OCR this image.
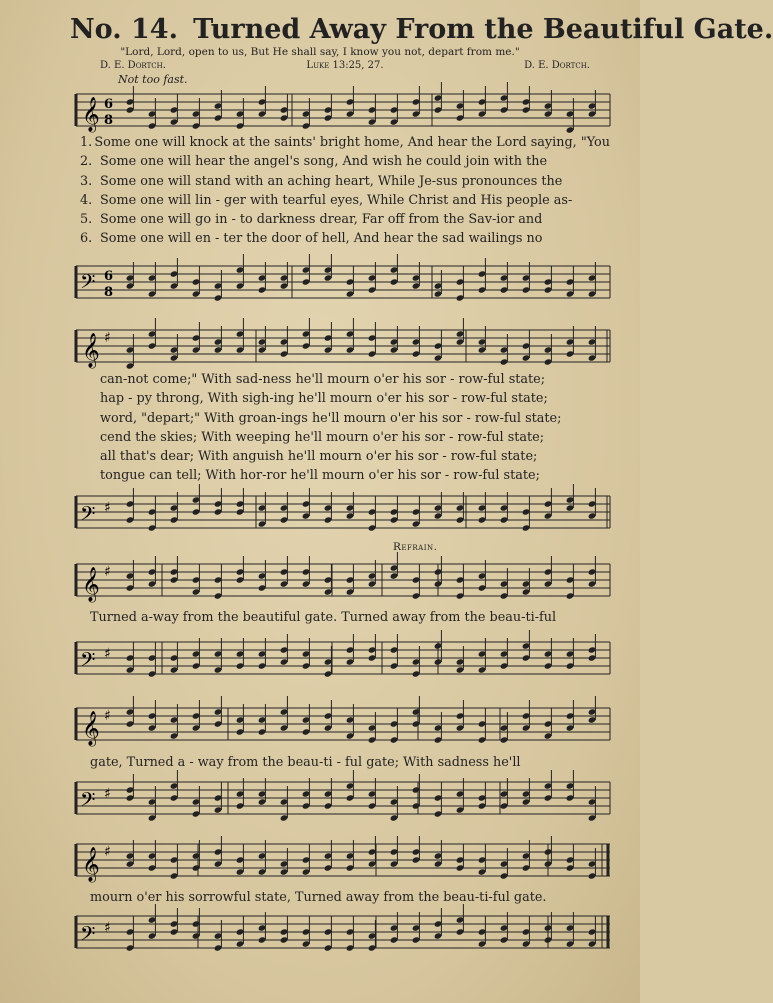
No. 14. Turned Away From the Beautiful Gate.
"Lord, Lord, open to us, But He shall say, I know you not, depart from me."
D. E. Dortch.	Luke 13:25, 27.	D. E. Dortch.
Not too fast.
𝄞 6
8
𝄢 6
8
1. Some one will knock at the saints' bright home, And hear the Lord saying, "You
2. Some one will hear the angel's song, And wish he could join with the
3. Some one will stand with an aching heart, While Je-sus pronounces the
4. Some one will lin - ger with tearful eyes, While Christ and His people as-
5. Some one will go in - to darkness drear, Far off from the Sav-ior and
6. Some one will en - ter the door of hell, And hear the sad wailings no
𝄞 ♯
𝄢 ♯
can-not come;" With sad-ness he'll mourn o'er his sor - row-ful state;
hap - py throng, With sigh-ing he'll mourn o'er his sor - row-ful state;
word, "depart;" With groan-ings he'll mourn o'er his sor - row-ful state;
cend the skies; With weeping he'll mourn o'er his sor - row-ful state;
all that's dear; With anguish he'll mourn o'er his sor - row-ful state;
tongue can tell; With hor-ror he'll mourn o'er his sor - row-ful state;
Refrain.
𝄞 ♯
Turned a-way from the beautiful gate. Turned away from the beau-ti-ful
𝄢 ♯
𝄞 ♯
gate, Turned a - way from the beau-ti - ful gate; With sadness he'll
𝄢 ♯
𝄞 ♯
mourn o'er his sorrowful state, Turned away from the beau-ti-ful gate.
𝄢 ♯
